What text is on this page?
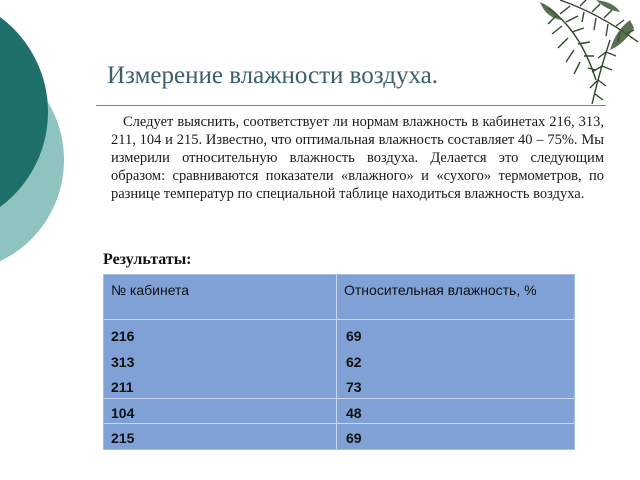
Измерение влажности воздуха.

Следует выяснить, соответствует ли нормам влажность в кабинетах 216, 313, 211, 104 и 215. Известно, что оптимальная влажность составляет 40 – 75%. Мы измерили относительную влажность воздуха. Делается это следующим образом: сравниваются показатели «влажного» и «сухого» термометров, по разнице температур по специальной таблице находиться влажность воздуха.

Результаты:

№ кабинета	Относительная влажность, %
216
313
211
104
215
69
62
73
48
69
